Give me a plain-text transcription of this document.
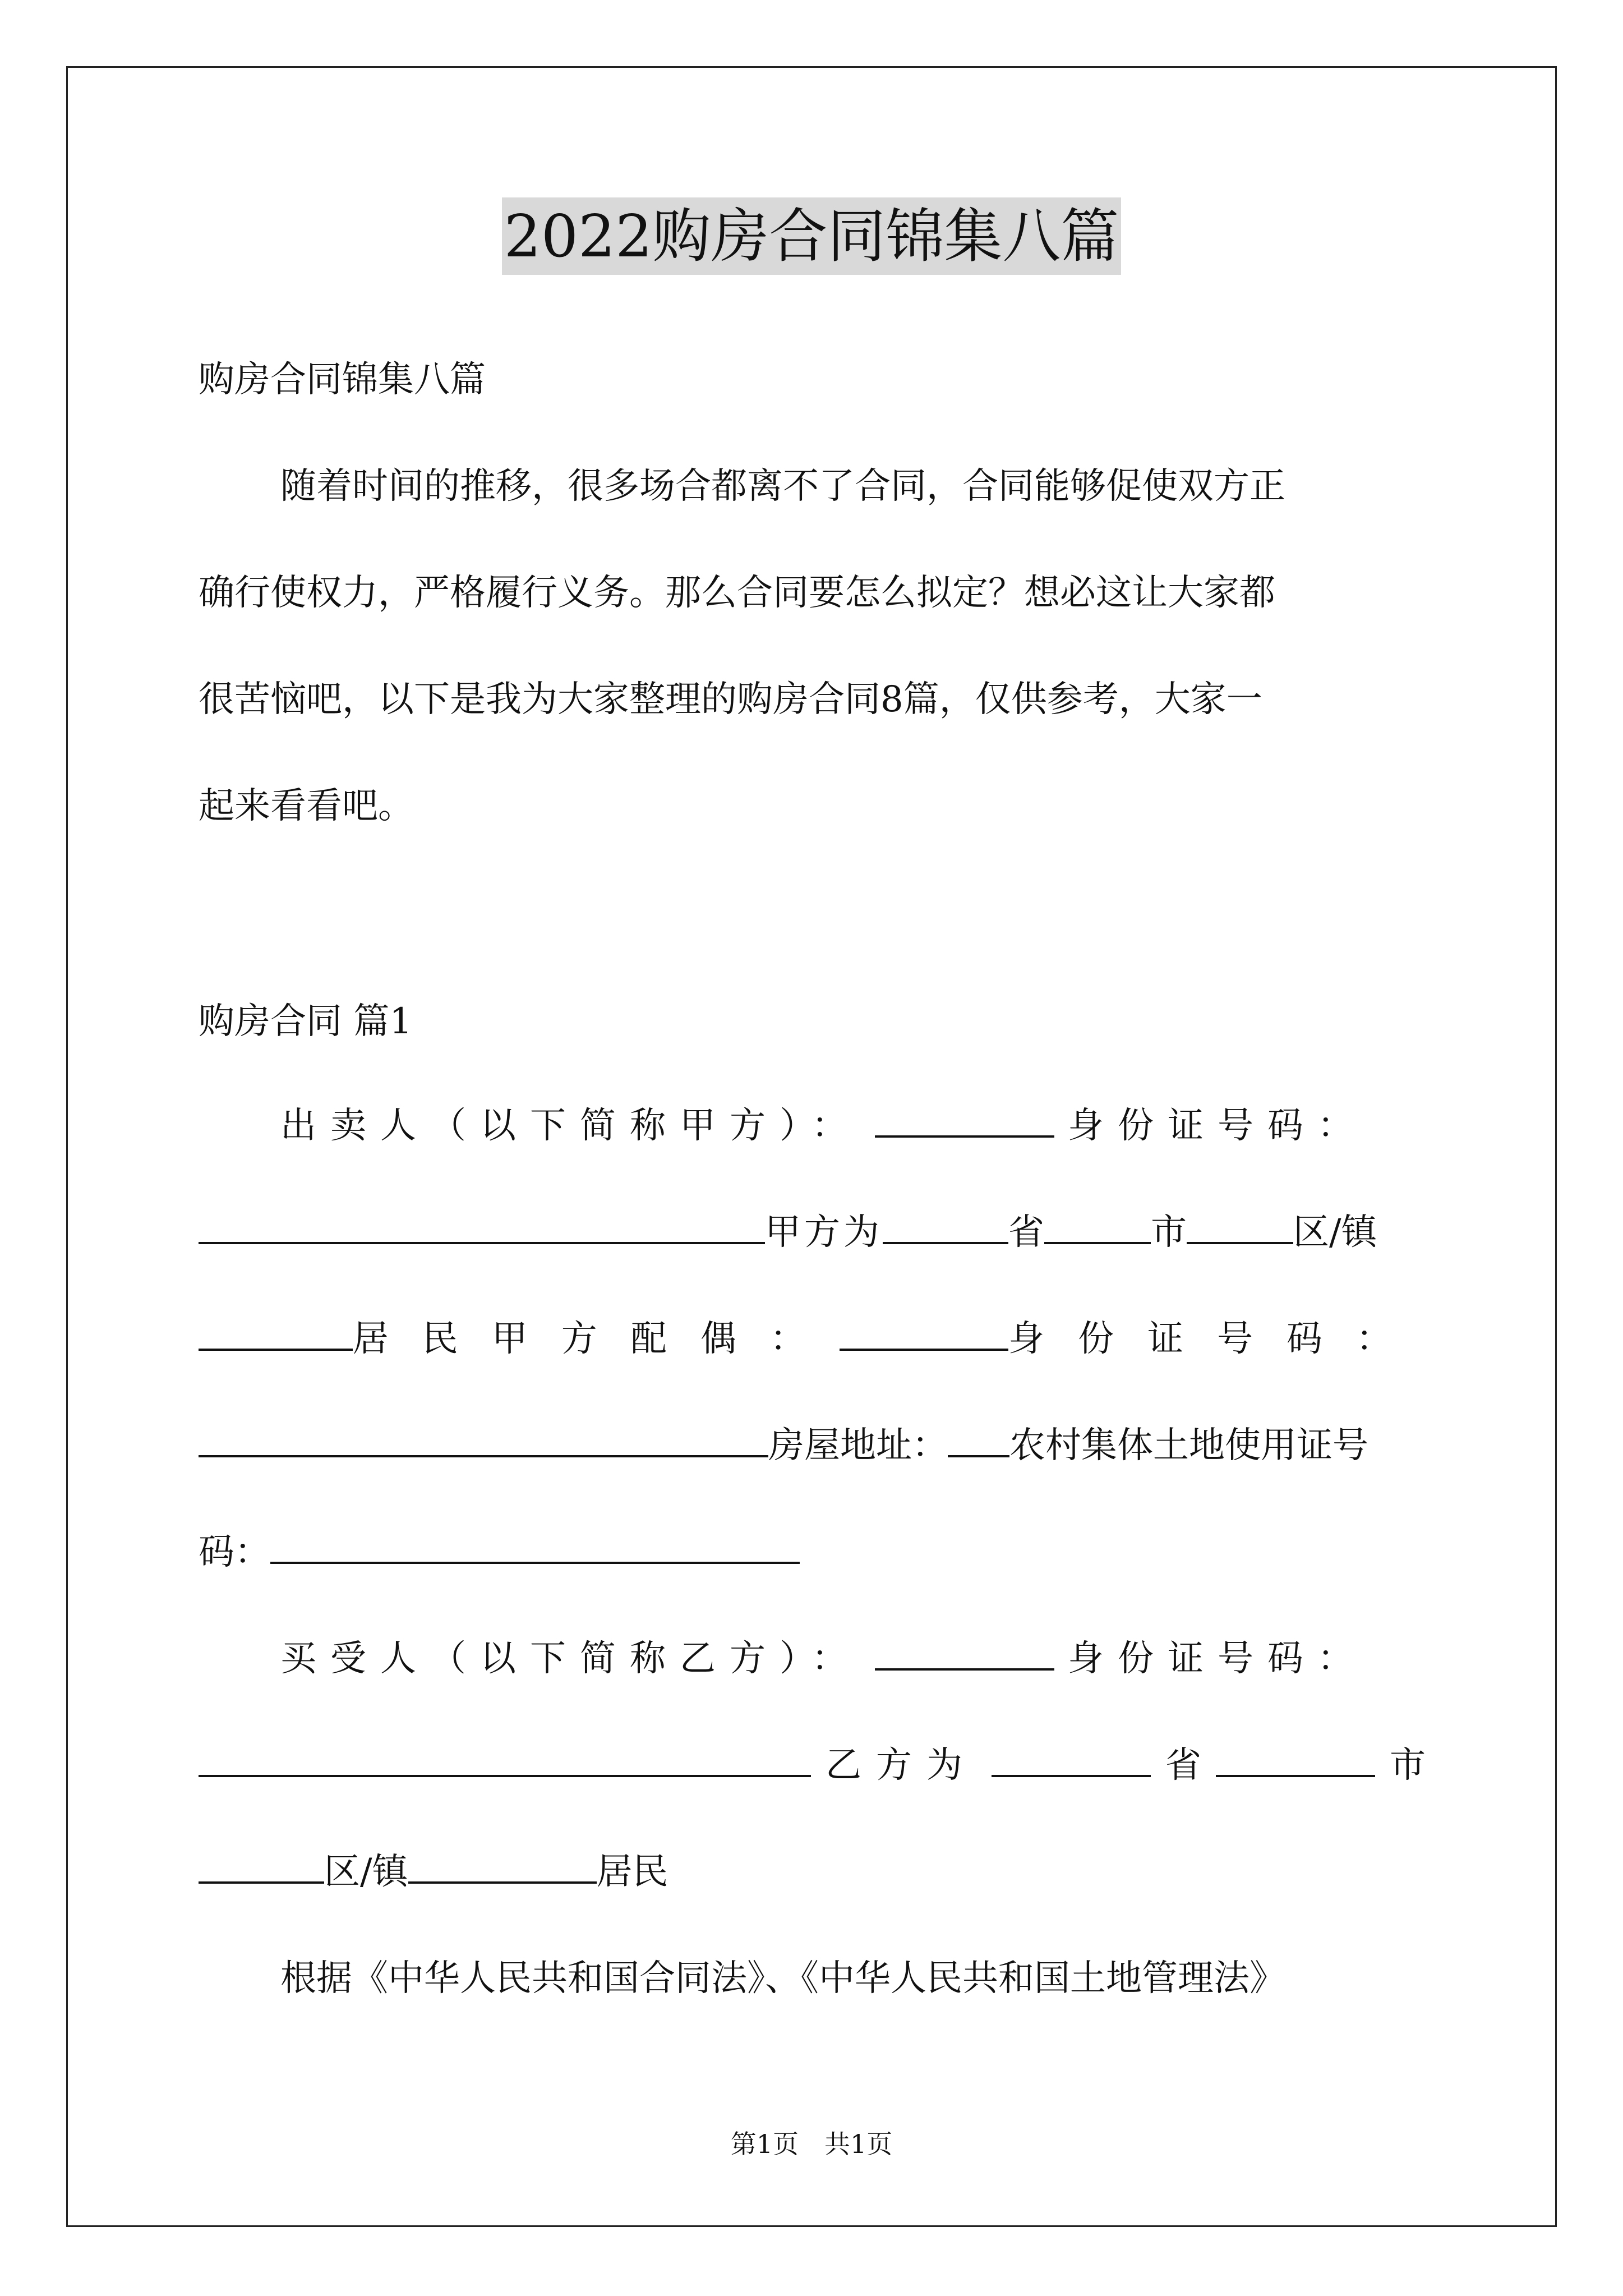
2022购房合同锦集八篇
购房合同锦集八篇
随着时间的推移，很多场合都离不了合同，合同能够促使双方正
确行使权力，严格履行义务。那么合同要怎么拟定？想必这让大家都
很苦恼吧，以下是我为大家整理的购房合同8篇，仅供参考，大家一
起来看看吧。
购房合同 篇1
出卖人（以下简称甲方）：	身份证号码：
甲方为	省	市	区/镇
居民 甲方配偶：	身份证号码：
房屋地址： 农村集体土地使用证号
码：
买受人（以下简称乙方）：	身份证号码：
乙方为	省	市
区/镇	居民
根据《中华人民共和国合同法》、《中华人民共和国土地管理法》
第1页　共1页
